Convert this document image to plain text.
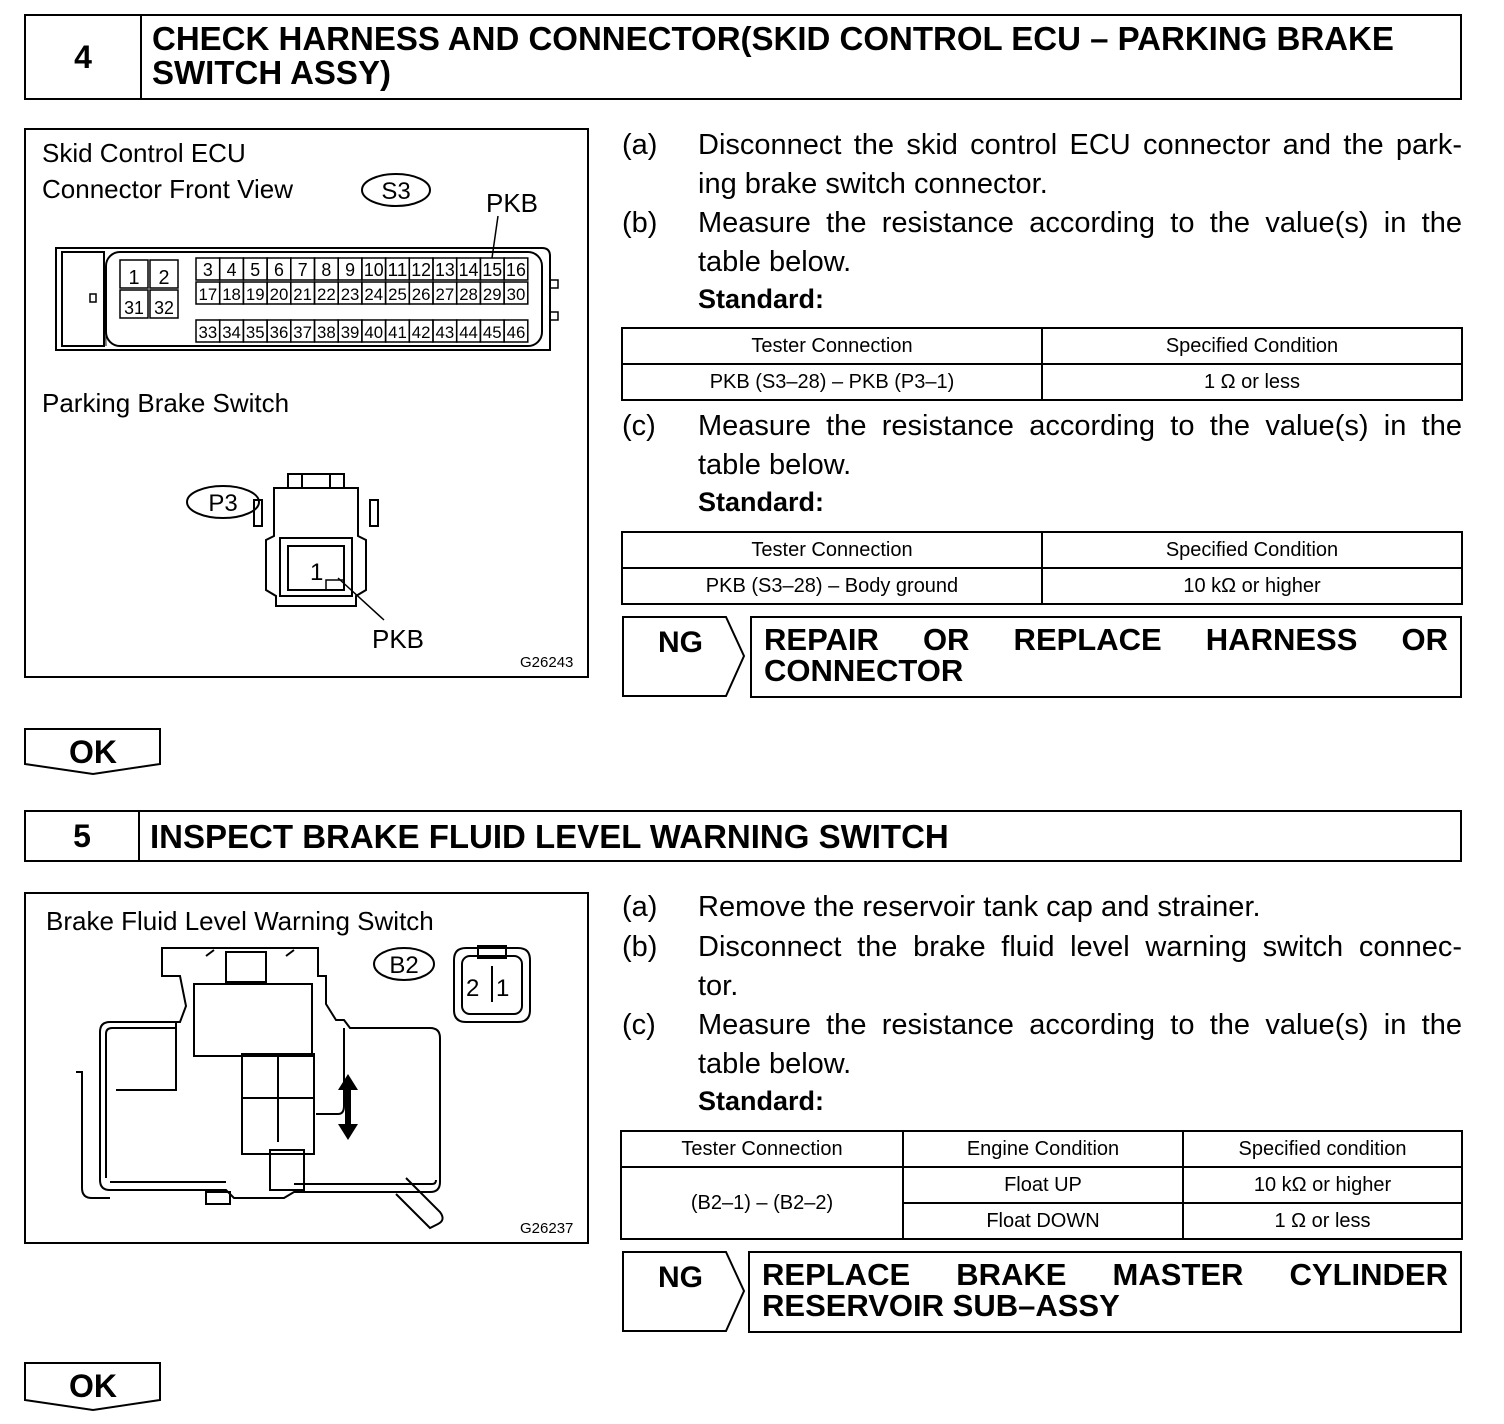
4	CHECK HARNESS AND CONNECTOR(SKID CONTROL ECU – PARKING BRAKE SWITCH ASSY)
Skid Control ECU
Connector Front View	PKB
Parking Brake Switch
PKB
G26243
S3
1 2
31 32
3 4 5 6 7 8 9 10 11 12 13 14 15 16
17 18 19 20 21 22 23 24 25 26 27 28 29 30
33 34 35 36 37 38 39 40 41 42 43 44 45 46
P3
1
(a) Disconnect the skid control ECU connector and the park-
ing brake switch connector.
(b) Measure the resistance according to the value(s) in the
table below.
Standard:
Tester Connection	Specified Condition
PKB (S3–28) – PKB (P3–1)	1 Ω or less
(c) Measure the resistance according to the value(s) in the
table below.
Standard:
Tester Connection	Specified Condition
PKB (S3–28) – Body ground	10 kΩ or higher
NG	REPAIR OR REPLACE HARNESS OR CONNECTOR
OK
5	INSPECT BRAKE FLUID LEVEL WARNING SWITCH
Brake Fluid Level Warning Switch
G26237
B2
2 1
(a) Remove the reservoir tank cap and strainer.
(b) Disconnect the brake fluid level warning switch connec-
tor.
(c) Measure the resistance according to the value(s) in the
table below.
Standard:
Tester Connection	Engine Condition	Specified condition
(B2–1) – (B2–2)	Float UP	10 kΩ or higher
	Float DOWN	1 Ω or less
NG	REPLACE BRAKE MASTER CYLINDER RESERVOIR SUB–ASSY
OK
